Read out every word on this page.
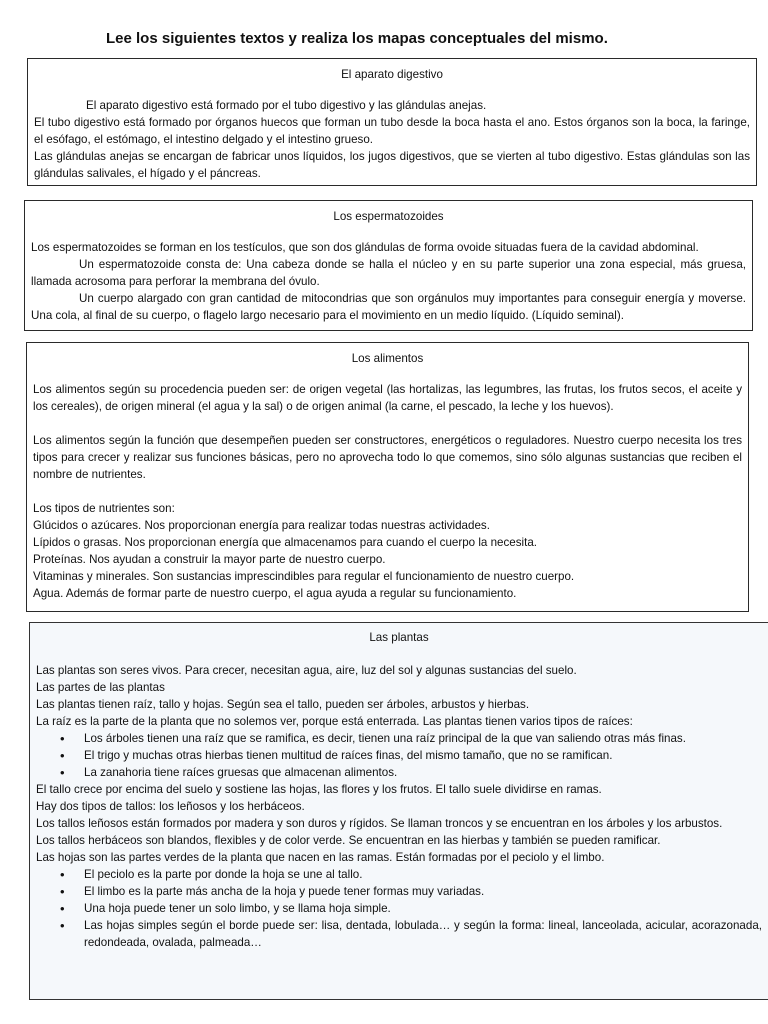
Lee los siguientes textos y realiza los mapas conceptuales del mismo.
El aparato digestivo

El aparato digestivo está formado por el tubo digestivo y las glándulas anejas.

El tubo digestivo está formado por órganos huecos que forman un tubo desde la boca hasta el ano. Estos órganos son la boca, la faringe, el esófago, el estómago, el intestino delgado y el intestino grueso.

Las glándulas anejas se encargan de fabricar unos líquidos, los jugos digestivos, que se vierten al tubo digestivo. Estas glándulas son las glándulas salivales, el hígado y el páncreas.

Los espermatozoides

Los espermatozoides se forman en los testículos, que son dos glándulas de forma ovoide situadas fuera de la cavidad abdominal.

Un espermatozoide consta de: Una cabeza donde se halla el núcleo y en su parte superior una zona especial, más gruesa, llamada acrosoma para perforar la membrana del óvulo.

Un cuerpo alargado con gran cantidad de mitocondrias que son orgánulos muy importantes para conseguir energía y moverse. Una cola, al final de su cuerpo, o flagelo largo necesario para el movimiento en un medio líquido. (Líquido seminal).

Los alimentos

Los alimentos según su procedencia pueden ser: de origen vegetal (las hortalizas, las legumbres, las frutas, los frutos secos, el aceite y los cereales), de origen mineral (el agua y la sal) o de origen animal (la carne, el pescado, la leche y los huevos).

Los alimentos según la función que desempeñen pueden ser constructores, energéticos o reguladores. Nuestro cuerpo necesita los tres tipos para crecer y realizar sus funciones básicas, pero no aprovecha todo lo que comemos, sino sólo algunas sustancias que reciben el nombre de nutrientes.

Los tipos de nutrientes son:

Glúcidos o azúcares. Nos proporcionan energía para realizar todas nuestras actividades.

Lípidos o grasas. Nos proporcionan energía que almacenamos para cuando el cuerpo la necesita.

Proteínas. Nos ayudan a construir la mayor parte de nuestro cuerpo.

Vitaminas y minerales. Son sustancias imprescindibles para regular el funcionamiento de nuestro cuerpo.

Agua. Además de formar parte de nuestro cuerpo, el agua ayuda a regular su funcionamiento.

Las plantas

Las plantas son seres vivos. Para crecer, necesitan agua, aire, luz del sol y algunas sustancias del suelo.

Las partes de las plantas

Las plantas tienen raíz, tallo y hojas. Según sea el tallo, pueden ser árboles, arbustos y hierbas.

La raíz es la parte de la planta que no solemos ver, porque está enterrada. Las plantas tienen varios tipos de raíces:

• Los árboles tienen una raíz que se ramifica, es decir, tienen una raíz principal de la que van saliendo otras más finas.
• El trigo y muchas otras hierbas tienen multitud de raíces finas, del mismo tamaño, que no se ramifican.
• La zanahoria tiene raíces gruesas que almacenan alimentos.

El tallo crece por encima del suelo y sostiene las hojas, las flores y los frutos. El tallo suele dividirse en ramas.

Hay dos tipos de tallos: los leñosos y los herbáceos.

Los tallos leñosos están formados por madera y son duros y rígidos. Se llaman troncos y se encuentran en los árboles y los arbustos.

Los tallos herbáceos son blandos, flexibles y de color verde. Se encuentran en las hierbas y también se pueden ramificar.

Las hojas son las partes verdes de la planta que nacen en las ramas. Están formadas por el peciolo y el limbo.

• El peciolo es la parte por donde la hoja se une al tallo.
• El limbo es la parte más ancha de la hoja y puede tener formas muy variadas.
• Una hoja puede tener un solo limbo, y se llama hoja simple.
• Las hojas simples según el borde puede ser: lisa, dentada, lobulada… y según la forma: lineal, lanceolada, acicular, acorazonada, redondeada, ovalada, palmeada…
